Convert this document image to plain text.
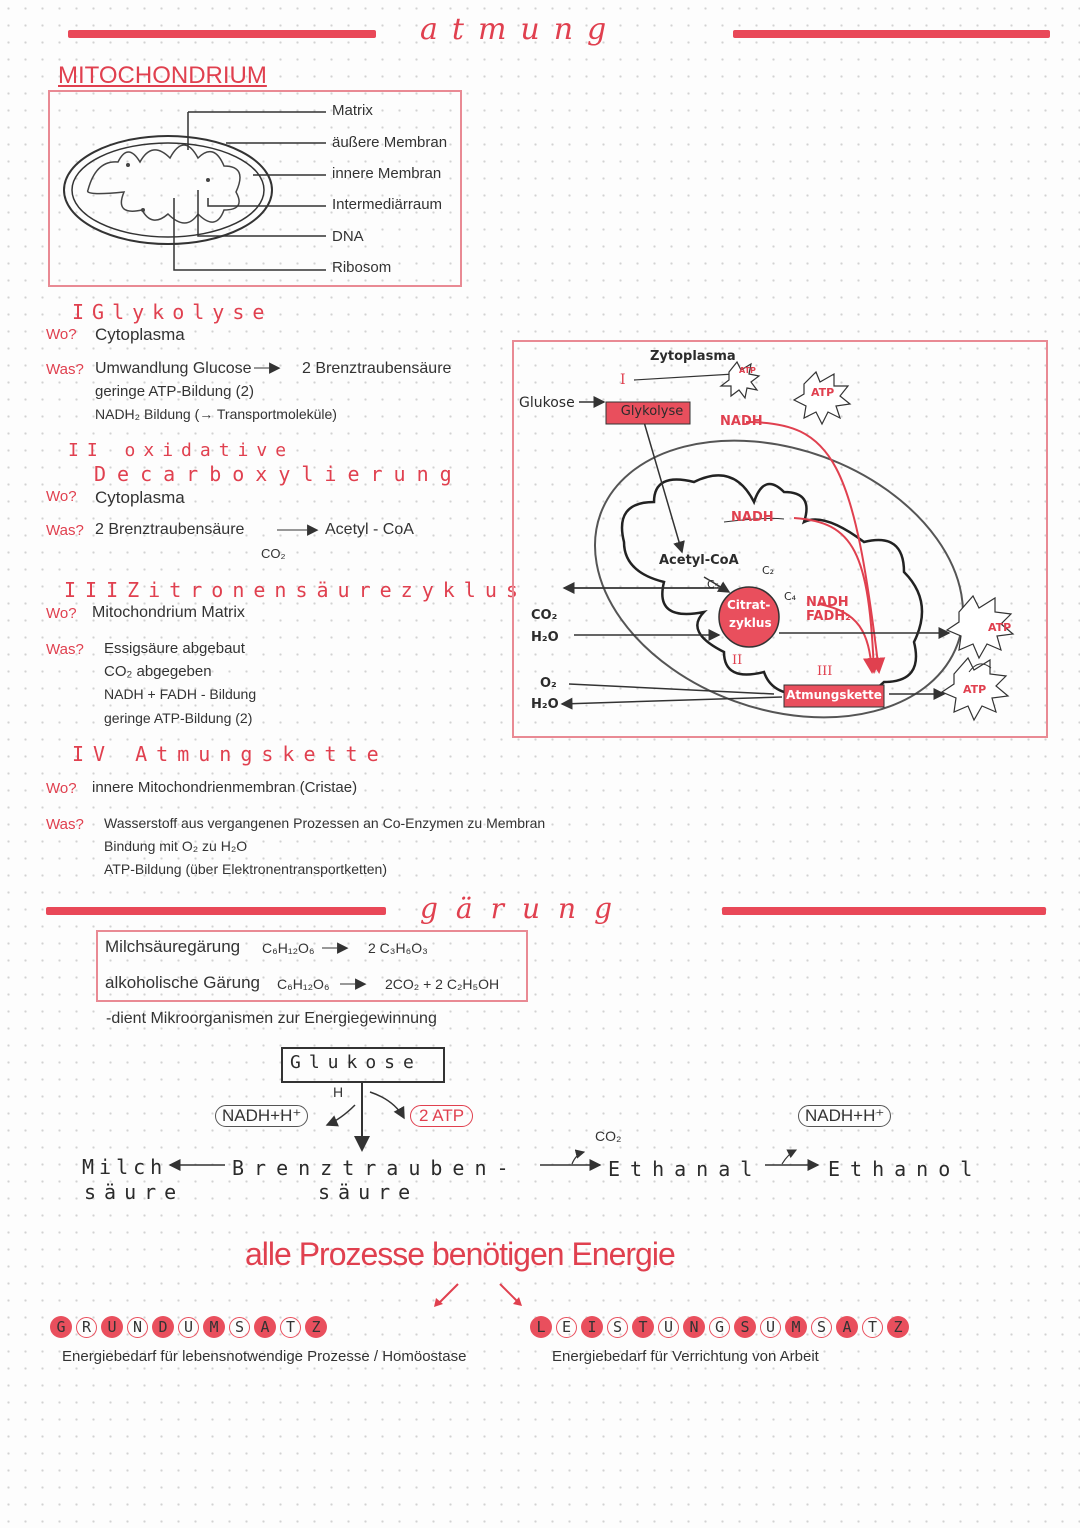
atmung
MITOCHONDRIUM
Matrix
äußere Membran
innere Membran
Intermediärraum
DNA
Ribosom
IGlykolyse
Wo? Cytoplasma
Was? Umwandlung Glucose —▶ 2 Brenztraubensäure
geringe ATP-Bildung (2)
NADH₂ Bildung (→ Transportmoleküle)
II oxidative
Decarboxylierung
Wo? Cytoplasma
Was? 2 Brenztraubensäure ——▶ Acetyl - CoA
CO₂
IIIZitronensäurezyklus
Wo? Mitochondrium Matrix
Was? Essigsäure abgebaut
CO₂ abgegeben
NADH + FADH - Bildung
geringe ATP-Bildung (2)
IV Atmungskette
Wo? innere Mitochondrienmembran (Cristae)
Was? Wasserstoff aus vergangenen Prozessen an Co-Enzymen zu Membran
Bindung mit O₂ zu H₂O
ATP-Bildung (über Elektronentransportketten)
Zytoplasma
I
Glukose
Glykolyse
ATP
ATP
NADH
NADH
Acetyl-CoA
C₅
C₂
C₄
Citrat-
zyklus
NADH
FADH₂
II
III
Atmungskette
CO₂
H₂O
O₂
H₂O
ATP
ATP
gärung
Milchsäuregärung C₆H₁₂O₆ —▶ 2 C₃H₆O₃
alkoholische Gärung C₆H₁₂O₆ —▶ 2CO₂ + 2 C₂H₅OH
-dient Mikroorganismen zur Energiegewinnung
Glukose
H
NADH+H⁺	2 ATP
Milch
säure
Brenztrauben-
säure
CO₂
Ethanal
NADH+H⁺
Ethanol
alle Prozesse benötigen Energie
G R U N D U M S A T Z
Energiebedarf für lebensnotwendige Prozesse / Homöostase
L E I S T U N G S U M S A T Z
Energiebedarf für Verrichtung von Arbeit
